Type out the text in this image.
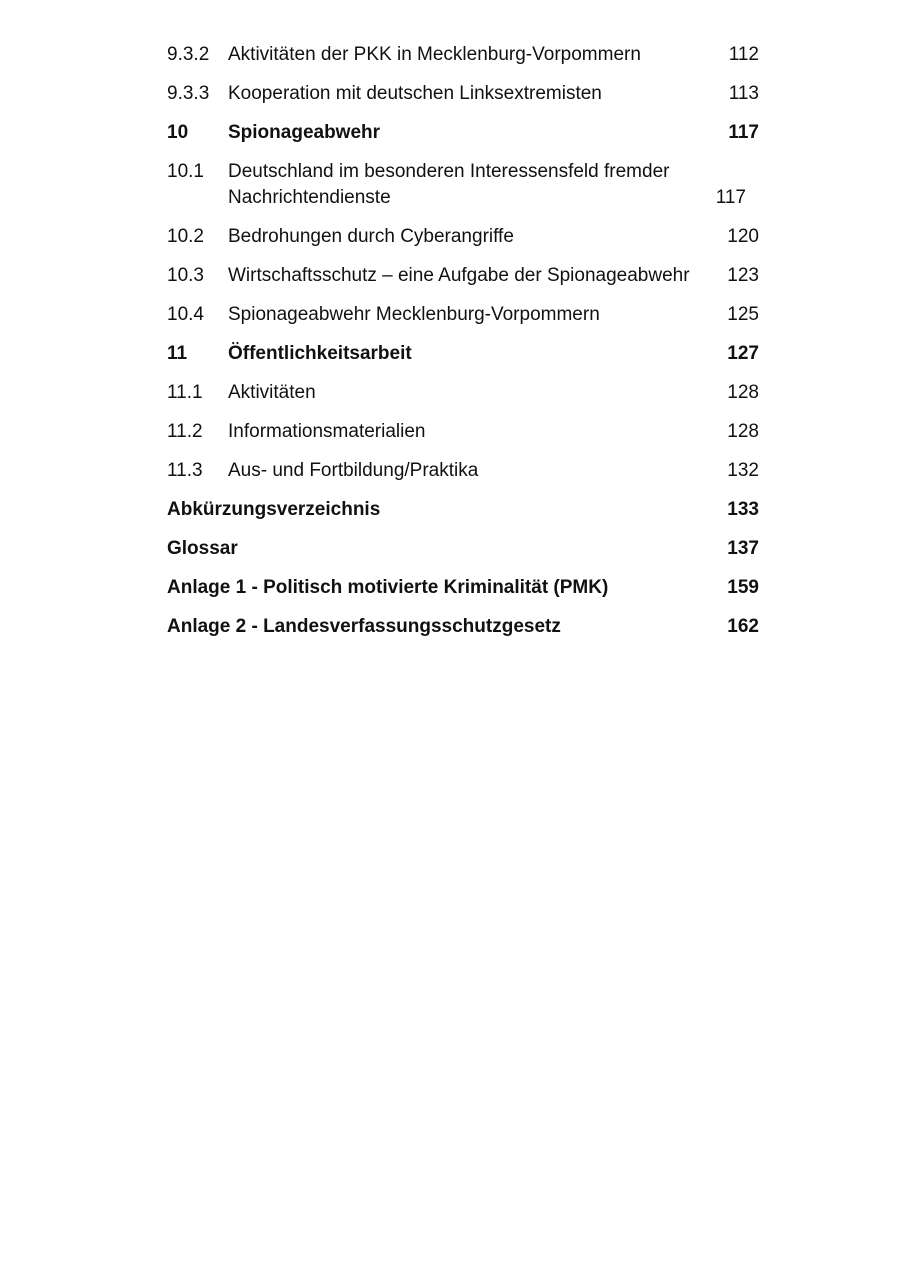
9.3.2 Aktivitäten der PKK in Mecklenburg-Vorpommern	112
9.3.3 Kooperation mit deutschen Linksextremisten	113
10	Spionageabwehr	117
10.1	Deutschland im besonderen Interessensfeld fremder Nachrichtendienste	117
10.2	Bedrohungen durch Cyberangriffe	120
10.3	Wirtschaftsschutz – eine Aufgabe der Spionageabwehr	123
10.4	Spionageabwehr Mecklenburg-Vorpommern	125
11	Öffentlichkeitsarbeit	127
11.1	Aktivitäten	128
11.2	Informationsmaterialien	128
11.3	Aus- und Fortbildung/Praktika	132
Abkürzungsverzeichnis	133
Glossar	137
Anlage 1 - Politisch motivierte Kriminalität (PMK)	159
Anlage 2 - Landesverfassungsschutzgesetz	162
